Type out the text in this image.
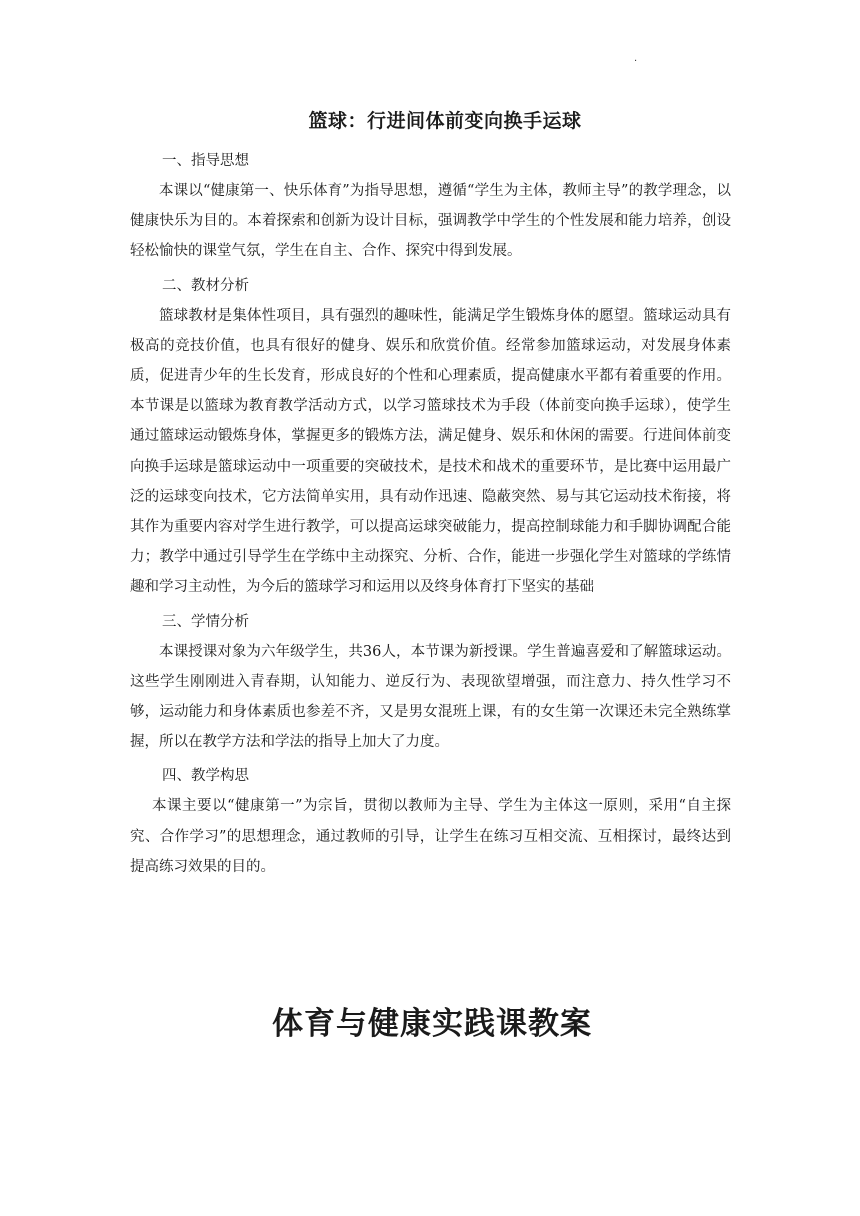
·
篮球：行进间体前变向换手运球
一、指导思想

本课以“健康第一、快乐体育”为指导思想，遵循“学生为主体，教师主导”的教学理念，以健康快乐为目的。本着探索和创新为设计目标，强调教学中学生的个性发展和能力培养，创设轻松愉快的课堂气氛，学生在自主、合作、探究中得到发展。

二、教材分析

篮球教材是集体性项目，具有强烈的趣味性，能满足学生锻炼身体的愿望。篮球运动具有极高的竞技价值，也具有很好的健身、娱乐和欣赏价值。经常参加篮球运动，对发展身体素质，促进青少年的生长发育，形成良好的个性和心理素质，提高健康水平都有着重要的作用。本节课是以篮球为教育教学活动方式，以学习篮球技术为手段（体前变向换手运球），使学生通过篮球运动锻炼身体，掌握更多的锻炼方法，满足健身、娱乐和休闲的需要。行进间体前变向换手运球是篮球运动中一项重要的突破技术，是技术和战术的重要环节，是比赛中运用最广泛的运球变向技术，它方法简单实用，具有动作迅速、隐蔽突然、易与其它运动技术衔接，将其作为重要内容对学生进行教学，可以提高运球突破能力，提高控制球能力和手脚协调配合能力；教学中通过引导学生在学练中主动探究、分析、合作，能进一步强化学生对篮球的学练情趣和学习主动性，为今后的篮球学习和运用以及终身体育打下坚实的基础

三、学情分析

本课授课对象为六年级学生，共36人，本节课为新授课。学生普遍喜爱和了解篮球运动。这些学生刚刚进入青春期，认知能力、逆反行为、表现欲望增强，而注意力、持久性学习不够，运动能力和身体素质也参差不齐，又是男女混班上课，有的女生第一次课还未完全熟练掌握，所以在教学方法和学法的指导上加大了力度。

四、教学构思

本课主要以“健康第一”为宗旨，贯彻以教师为主导、学生为主体这一原则，采用“自主探究、合作学习”的思想理念，通过教师的引导，让学生在练习互相交流、互相探讨，最终达到提高练习效果的目的。

体育与健康实践课教案
